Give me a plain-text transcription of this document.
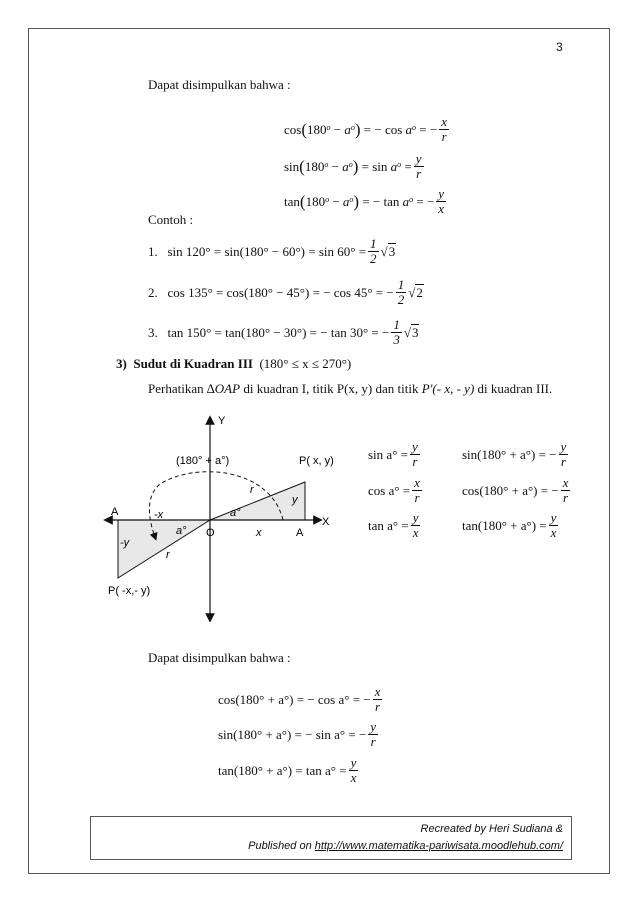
3
Dapat disimpulkan bahwa :
cos ( $180^o - a^o$ )
= − cos
$a^o$ = − $\frac{x}{r}$
sin ( $180^o - a^o$ )
= sin
$a^o = \frac{y}{r}$
tan ( $180^o - a^o$ )
= − tan
$a^o$ = − $\frac{y}{x}$
Contoh :
1.
$\sin 120^\circ = \sin(180^\circ - 60^\circ) = \sin 60^\circ = \frac{1}{2}$ √ 3
2.
cos 135° = cos(180° − 45°) = − cos 45° = − $\frac{1}{2}$ √ 2
3.
tan 150° = tan(180° − 30°) = − tan 30° = − $\frac{1}{3}$ √ 3
3) Sudut di Kuadran III (180° ≤ x ≤ 270°)
Perhatikan ∆OAP di kuadran I, titik P(x, y) dan titik P'(- x, - y) di kuadran III.
(180° + a°)
Y
X
O
P( x, y)
P( -x,- y)
A
A
r
y
x
-x
-y
r
a°
a°
$\sin a^\circ = \frac{y}{r}$
$\cos a^\circ = \frac{x}{r}$
$\tan a^\circ = \frac{y}{x}$
sin(180° + a°) = − $\frac{y}{r}$
cos(180° + a°) = − $\frac{x}{r}$
$\tan(180^\circ + a^\circ) = \frac{y}{x}$
Dapat disimpulkan bahwa :
cos(180° + a°) = − cos a° = − $\frac{x}{r}$
sin(180° + a°) = − sin a° = − $\frac{y}{r}$
$\tan(180^\circ + a^\circ) = \tan a^\circ = \frac{y}{x}$
Recreated by Heri Sudiana &
Published on http://www.matematika-pariwisata.moodlehub.com/
